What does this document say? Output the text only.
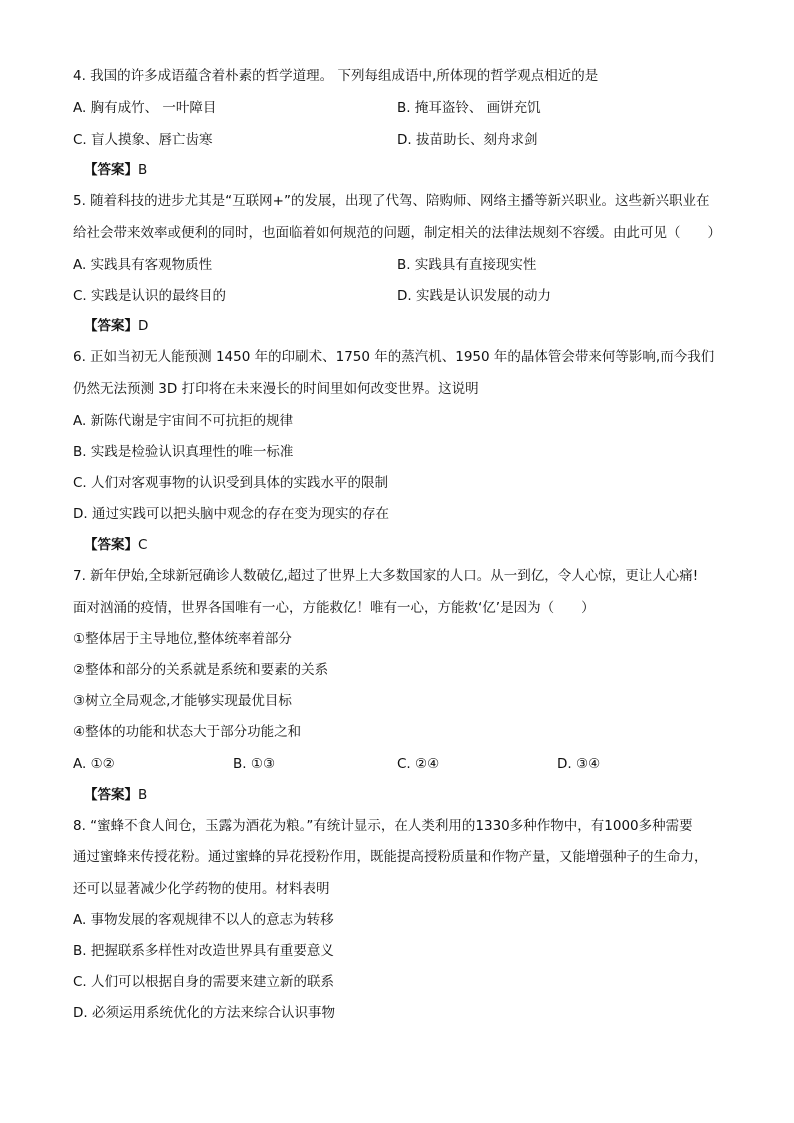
4. 我国的许多成语蕴含着朴素的哲学道理。 下列每组成语中,所体现的哲学观点相近的是
A. 胸有成竹、 一叶障目	B. 掩耳盗铃、 画饼充饥
C. 盲人摸象、唇亡齿寒	D. 拔苗助长、刻舟求剑
【答案】B
5. 随着科技的进步尤其是“互联网+”的发展，出现了代驾、陪购师、网络主播等新兴职业。这些新兴职业在
给社会带来效率或便利的同时，也面临着如何规范的问题，制定相关的法律法规刻不容缓。由此可见（　　）
A. 实践具有客观物质性	B. 实践具有直接现实性
C. 实践是认识的最终目的	D. 实践是认识发展的动力
【答案】D
6. 正如当初无人能预测 1450 年的印刷术、1750 年的蒸汽机、1950 年的晶体管会带来何等影响,而今我们
仍然无法预测 3D 打印将在未来漫长的时间里如何改变世界。这说明
A. 新陈代谢是宇宙间不可抗拒的规律
B. 实践是检验认识真理性的唯一标准
C. 人们对客观事物的认识受到具体的实践水平的限制
D. 通过实践可以把头脑中观念的存在变为现实的存在
【答案】C
7. 新年伊始,全球新冠确诊人数破亿,超过了世界上大多数国家的人口。从一到亿，令人心惊，更让人心痛!
面对汹涌的疫情，世界各国唯有一心，方能救亿！唯有一心，方能救‘亿’是因为（　　）
①整体居于主导地位,整体统率着部分
②整体和部分的关系就是系统和要素的关系
③树立全局观念,才能够实现最优目标
④整体的功能和状态大于部分功能之和
A. ①②	B. ①③	C. ②④	D. ③④
【答案】B
8. “蜜蜂不食人间仓，玉露为酒花为粮。”有统计显示，在人类利用的1330多种作物中，有1000多种需要
通过蜜蜂来传授花粉。通过蜜蜂的异花授粉作用，既能提高授粉质量和作物产量，又能增强种子的生命力，
还可以显著减少化学药物的使用。材料表明
A. 事物发展的客观规律不以人的意志为转移
B. 把握联系多样性对改造世界具有重要意义
C. 人们可以根据自身的需要来建立新的联系
D. 必须运用系统优化的方法来综合认识事物
